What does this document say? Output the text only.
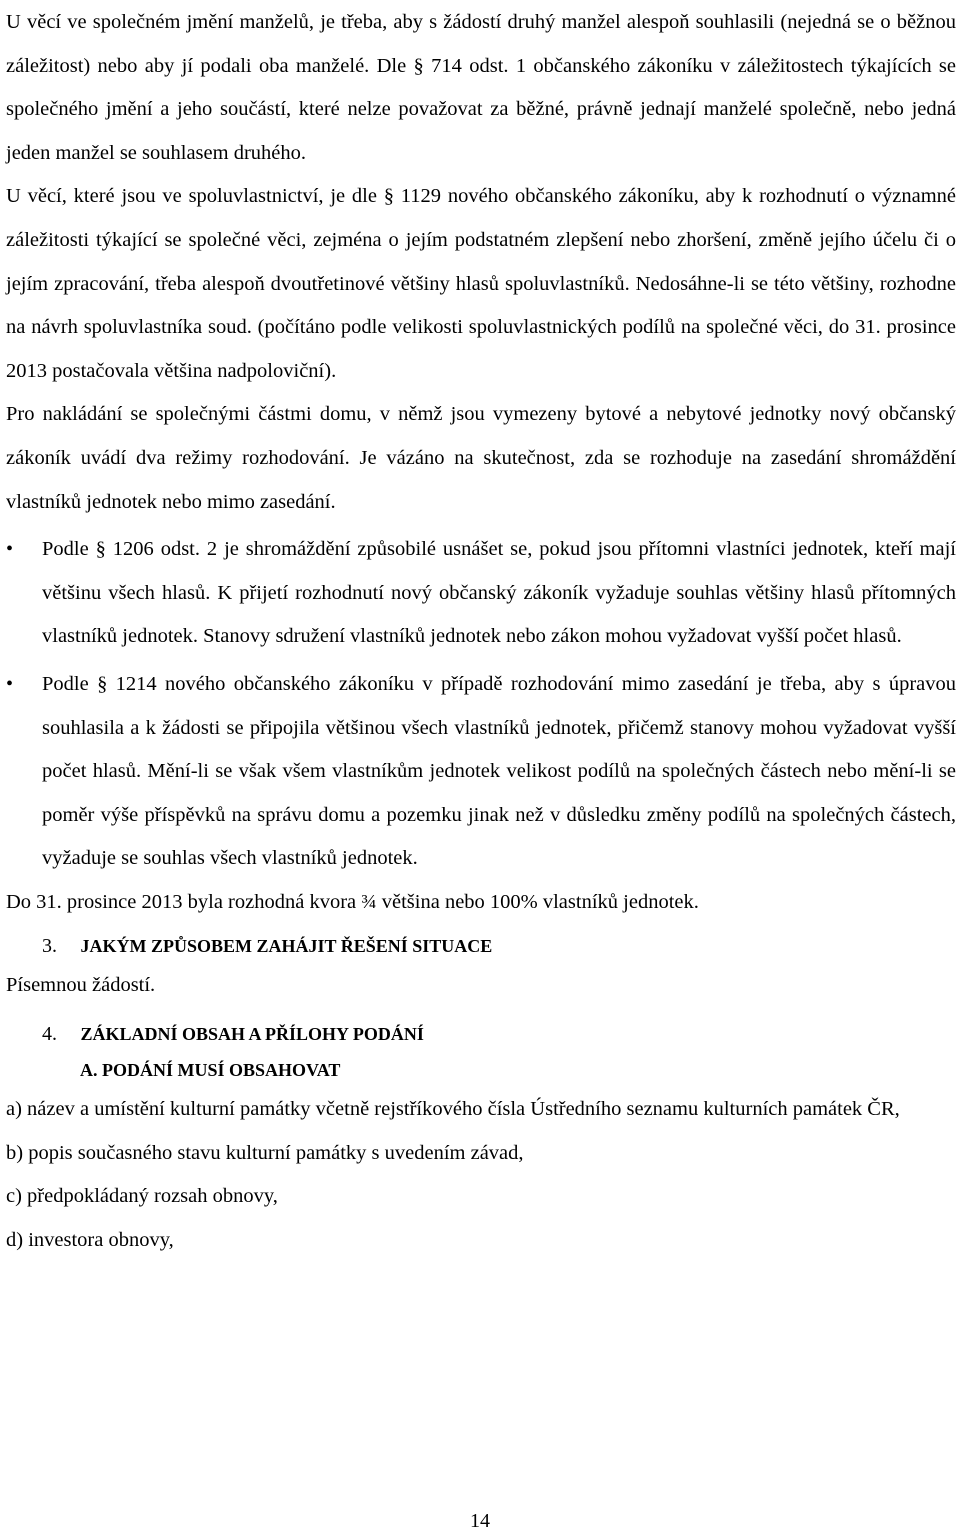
U věcí ve společném jmění manželů, je třeba, aby s žádostí druhý manžel alespoň souhlasili (nejedná se o běžnou záležitost) nebo aby jí podali oba manželé. Dle § 714 odst. 1 občanského zákoníku v záležitostech týkajících se společného jmění a jeho součástí, které nelze považovat za běžné, právně jednají manželé společně, nebo jedná jeden manžel se souhlasem druhého.

U věcí, které jsou ve spoluvlastnictví, je dle § 1129 nového občanského zákoníku, aby k rozhodnutí o významné záležitosti týkající se společné věci, zejména o jejím podstatném zlepšení nebo zhoršení, změně jejího účelu či o jejím zpracování, třeba alespoň dvoutřetinové většiny hlasů spoluvlastníků. Nedosáhne-li se této většiny, rozhodne na návrh spoluvlastníka soud. (počítáno podle velikosti spoluvlastnických podílů na společné věci, do 31. prosince 2013 postačovala většina nadpoloviční).

Pro nakládání se společnými částmi domu, v němž jsou vymezeny bytové a nebytové jednotky nový občanský zákoník uvádí dva režimy rozhodování. Je vázáno na skutečnost, zda se rozhoduje na zasedání shromáždění vlastníků jednotek nebo mimo zasedání.

• Podle § 1206 odst. 2 je shromáždění způsobilé usnášet se, pokud jsou přítomni vlastníci jednotek, kteří mají většinu všech hlasů. K přijetí rozhodnutí nový občanský zákoník vyžaduje souhlas většiny hlasů přítomných vlastníků jednotek. Stanovy sdružení vlastníků jednotek nebo zákon mohou vyžadovat vyšší počet hlasů.

• Podle § 1214 nového občanského zákoníku v případě rozhodování mimo zasedání je třeba, aby s úpravou souhlasila a k žádosti se připojila většinou všech vlastníků jednotek, přičemž stanovy mohou vyžadovat vyšší počet hlasů. Mění-li se však všem vlastníkům jednotek velikost podílů na společných částech nebo mění-li se poměr výše příspěvků na správu domu a pozemku jinak než v důsledku změny podílů na společných částech, vyžaduje se souhlas všech vlastníků jednotek.

Do 31. prosince 2013 byla rozhodná kvora ¾ většina nebo 100% vlastníků jednotek.

3. JAKÝM ZPŮSOBEM ZAHÁJIT ŘEŠENÍ SITUACE

Písemnou žádostí.

4. ZÁKLADNÍ OBSAH A PŘÍLOHY PODÁNÍ

A. PODÁNÍ MUSÍ OBSAHOVAT

a) název a umístění kulturní památky včetně rejstříkového čísla Ústředního seznamu kulturních památek ČR,

b) popis současného stavu kulturní památky s uvedením závad,

c) předpokládaný rozsah obnovy,

d) investora obnovy,

14
